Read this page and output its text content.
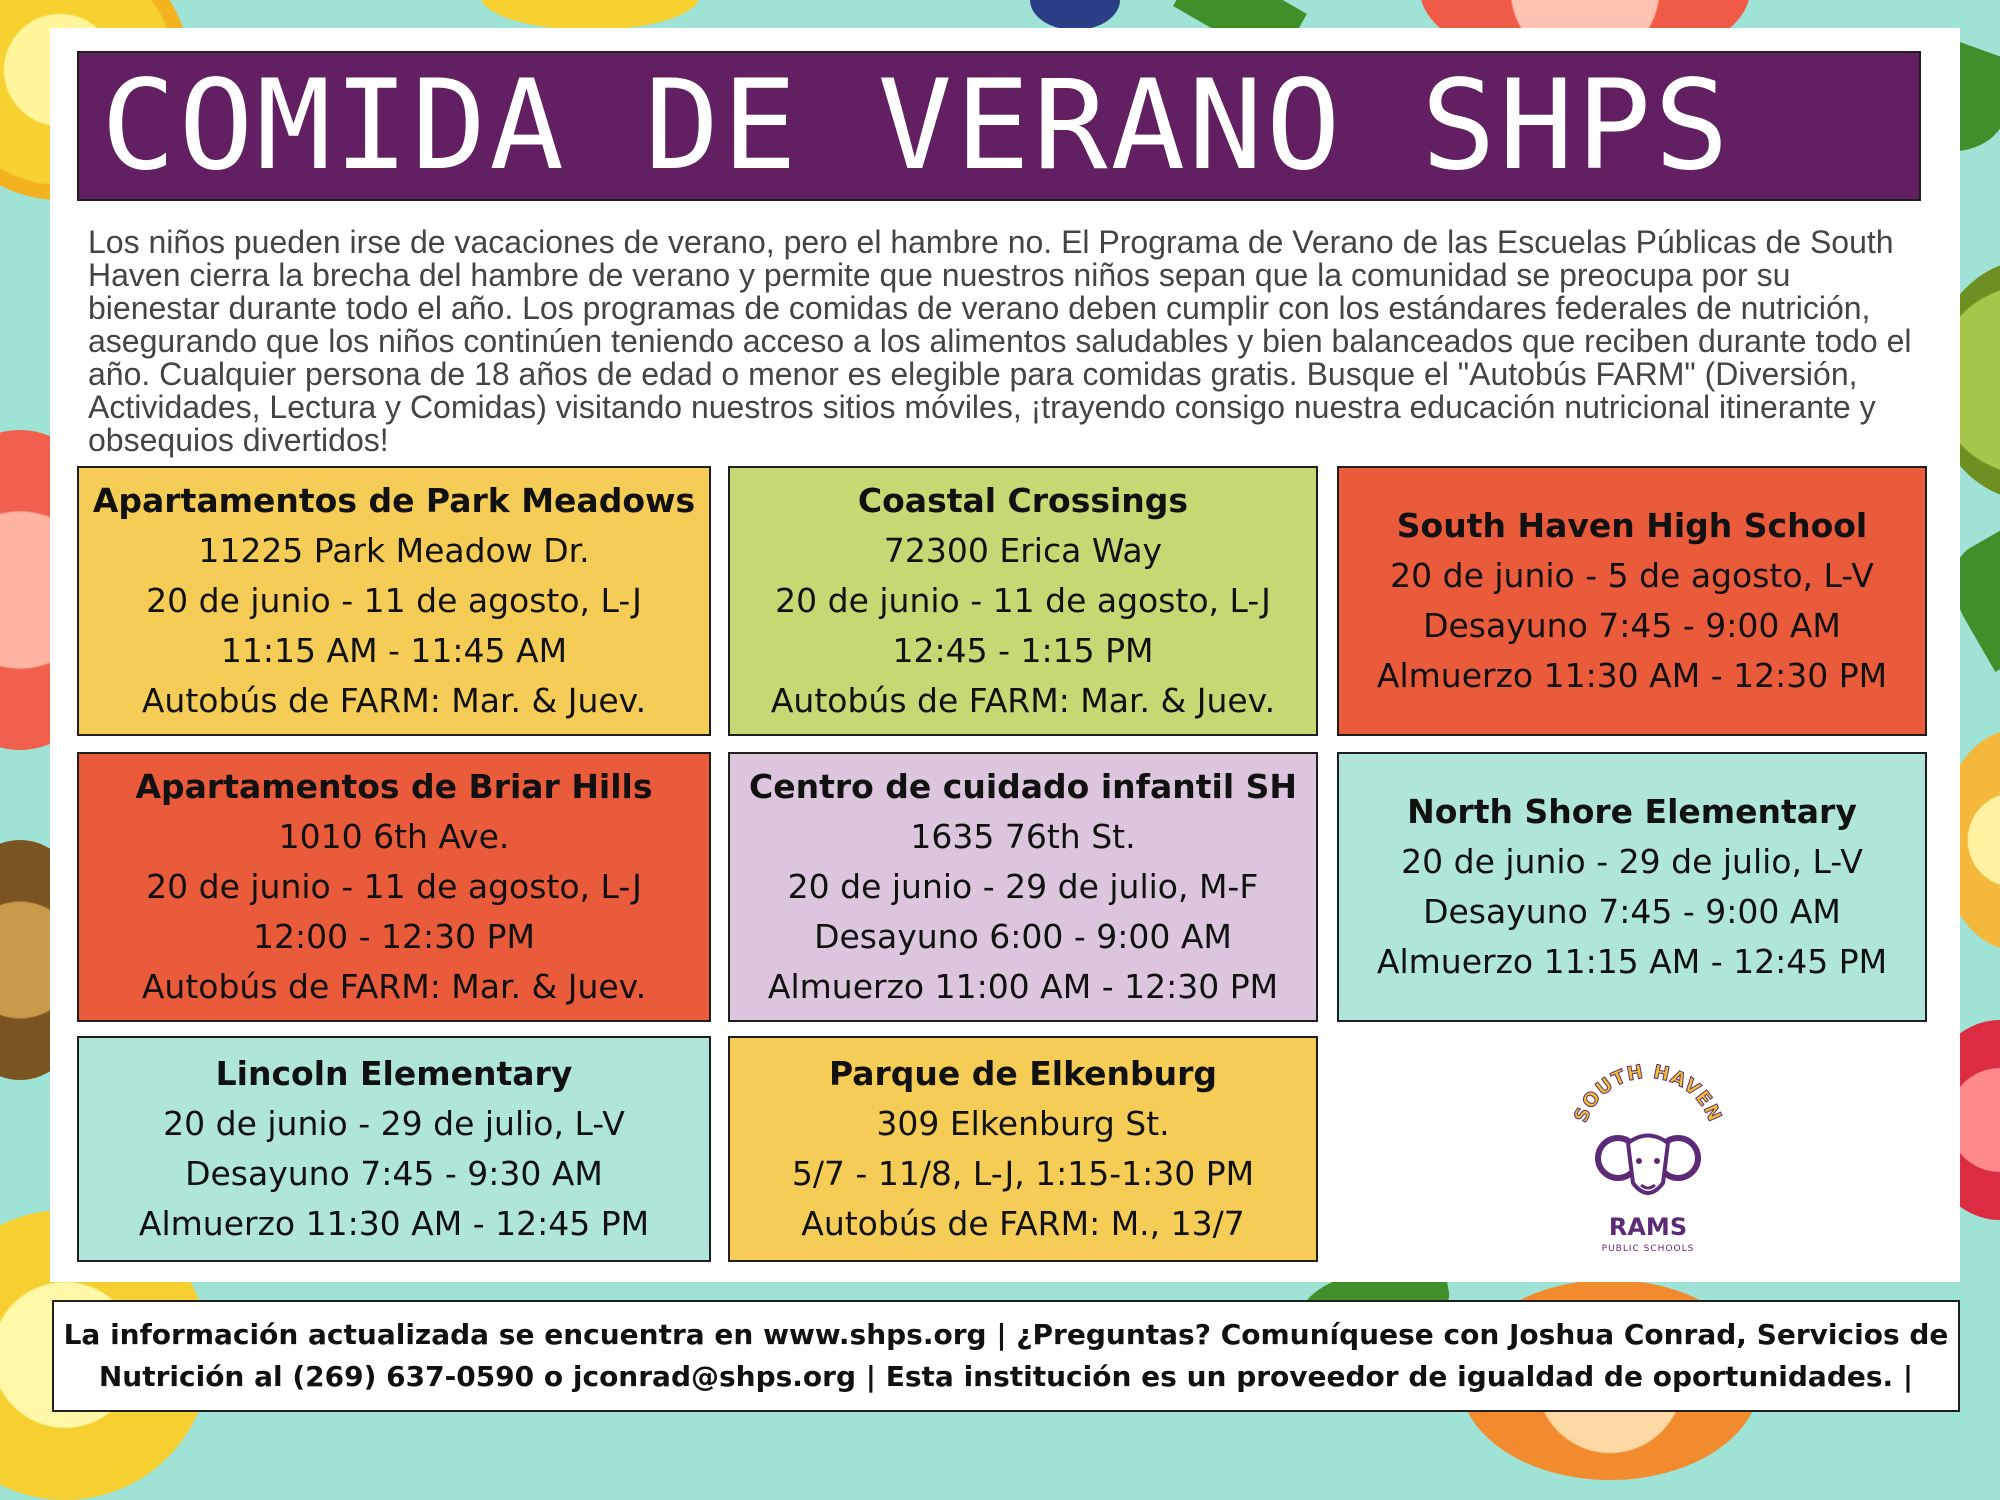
COMIDA DE VERANO SHPS

Los niños pueden irse de vacaciones de verano, pero el hambre no. El Programa de Verano de las Escuelas Públicas de South Haven cierra la brecha del hambre de verano y permite que nuestros niños sepan que la comunidad se preocupa por su bienestar durante todo el año. Los programas de comidas de verano deben cumplir con los estándares federales de nutrición, asegurando que los niños continúen teniendo acceso a los alimentos saludables y bien balanceados que reciben durante todo el año. Cualquier persona de 18 años de edad o menor es elegible para comidas gratis. Busque el "Autobús FARM" (Diversión, Actividades, Lectura y Comidas) visitando nuestros sitios móviles, ¡trayendo consigo nuestra educación nutricional itinerante y obsequios divertidos!

Apartamentos de Park Meadows
11225 Park Meadow Dr.
20 de junio - 11 de agosto, L-J
11:15 AM - 11:45 AM
Autobús de FARM: Mar. & Juev.
Coastal Crossings
72300 Erica Way
20 de junio - 11 de agosto, L-J
12:45 - 1:15 PM
Autobús de FARM: Mar. & Juev.
South Haven High School
20 de junio - 5 de agosto, L-V
Desayuno 7:45 - 9:00 AM
Almuerzo 11:30 AM - 12:30 PM
Apartamentos de Briar Hills
1010 6th Ave.
20 de junio - 11 de agosto, L-J
12:00 - 12:30 PM
Autobús de FARM: Mar. & Juev.
Centro de cuidado infantil SH
1635 76th St.
20 de junio - 29 de julio, M-F
Desayuno 6:00 - 9:00 AM
Almuerzo 11:00 AM - 12:30 PM
North Shore Elementary
20 de junio - 29 de julio, L-V
Desayuno 7:45 - 9:00 AM
Almuerzo 11:15 AM - 12:45 PM
Lincoln Elementary
20 de junio - 29 de julio, L-V
Desayuno 7:45 - 9:30 AM
Almuerzo 11:30 AM - 12:45 PM
Parque de Elkenburg
309 Elkenburg St.
5/7 - 11/8, L-J, 1:15-1:30 PM
Autobús de FARM: M., 13/7
SOUTH HAVEN
RAMS
PUBLIC SCHOOLS
La información actualizada se encuentra en www.shps.org | ¿Preguntas? Comuníquese con Joshua Conrad, Servicios de
Nutrición al (269) 637-0590 o jconrad@shps.org | Esta institución es un proveedor de igualdad de oportunidades. |
